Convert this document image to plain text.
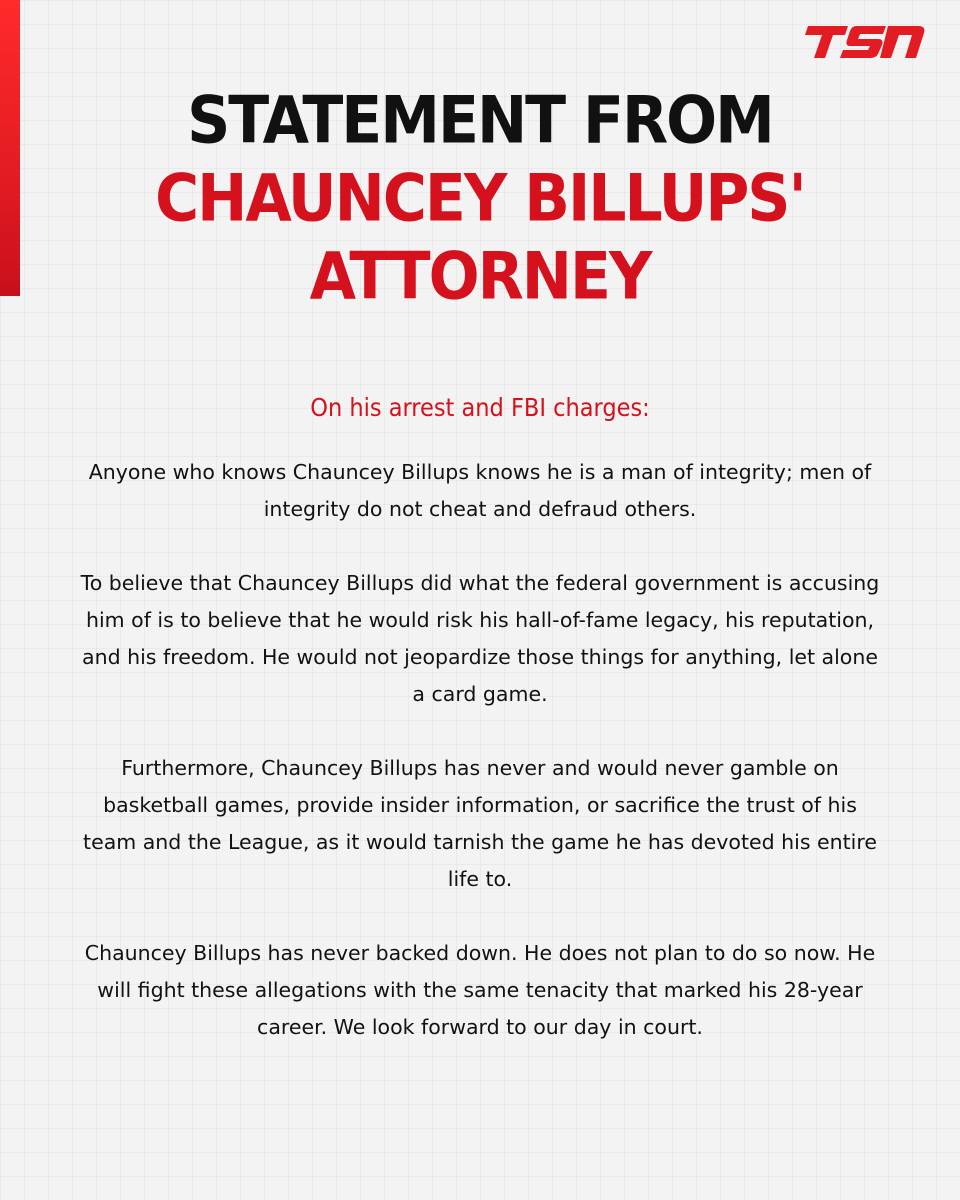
STATEMENT FROM
CHAUNCEY BILLUPS'
ATTORNEY
On his arrest and FBI charges:

Anyone who knows Chauncey Billups knows he is a man of integrity; men of integrity do not cheat and defraud others.

To believe that Chauncey Billups did what the federal government is accusing him of is to believe that he would risk his hall-of-fame legacy, his reputation, and his freedom. He would not jeopardize those things for anything, let alone a card game.

Furthermore, Chauncey Billups has never and would never gamble on basketball games, provide insider information, or sacrifice the trust of his team and the League, as it would tarnish the game he has devoted his entire life to.

Chauncey Billups has never backed down. He does not plan to do so now. He will fight these allegations with the same tenacity that marked his 28-year career. We look forward to our day in court.
